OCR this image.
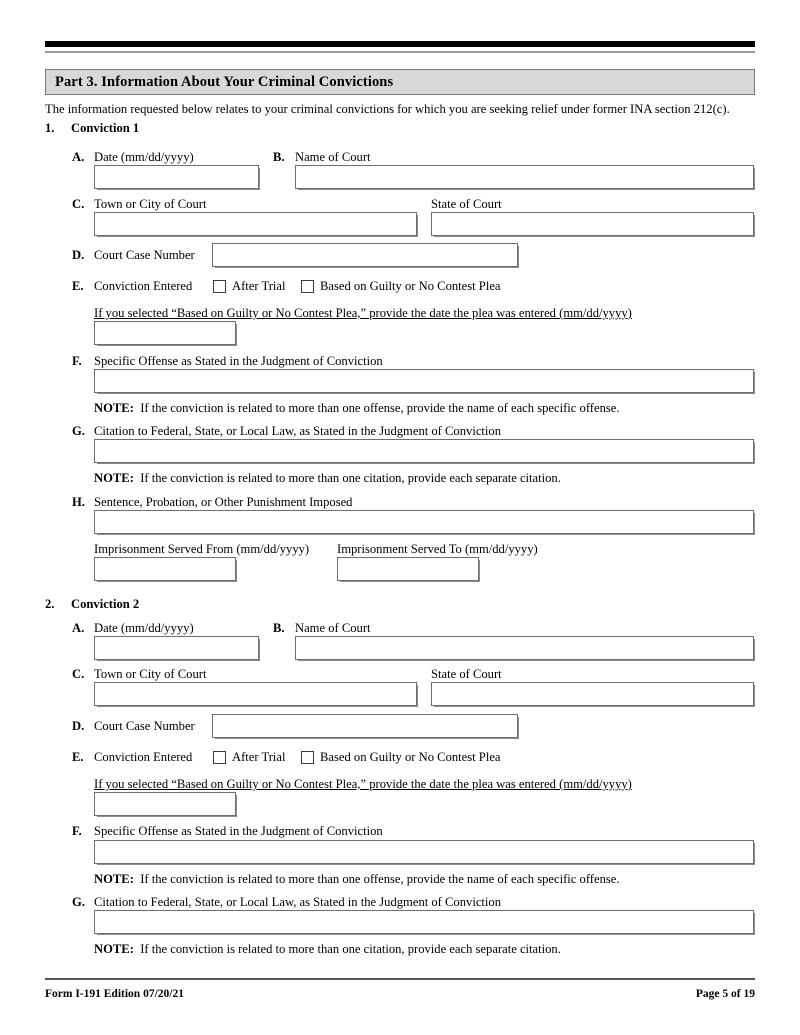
Part 3. Information About Your Criminal Convictions
The information requested below relates to your criminal convictions for which you are seeking relief under former INA section 212(c).
1. Conviction 1
A. Date (mm/dd/yyyy)	B. Name of Court
C. Town or City of Court	State of Court
D. Court Case Number
E. Conviction Entered	After Trial	Based on Guilty or No Contest Plea
If you selected “Based on Guilty or No Contest Plea,” provide the date the plea was entered (mm/dd/yyyy)
F. Specific Offense as Stated in the Judgment of Conviction
NOTE: If the conviction is related to more than one offense, provide the name of each specific offense.
G. Citation to Federal, State, or Local Law, as Stated in the Judgment of Conviction
NOTE: If the conviction is related to more than one citation, provide each separate citation.
H. Sentence, Probation, or Other Punishment Imposed
Imprisonment Served From (mm/dd/yyyy) Imprisonment Served To (mm/dd/yyyy)
2. Conviction 2
A. Date (mm/dd/yyyy)	B. Name of Court
C. Town or City of Court	State of Court
D. Court Case Number
E. Conviction Entered	After Trial	Based on Guilty or No Contest Plea
If you selected “Based on Guilty or No Contest Plea,” provide the date the plea was entered (mm/dd/yyyy)
F. Specific Offense as Stated in the Judgment of Conviction
NOTE: If the conviction is related to more than one offense, provide the name of each specific offense.
G. Citation to Federal, State, or Local Law, as Stated in the Judgment of Conviction
NOTE: If the conviction is related to more than one citation, provide each separate citation.
Form I-191 Edition 07/20/21	Page 5 of 19
